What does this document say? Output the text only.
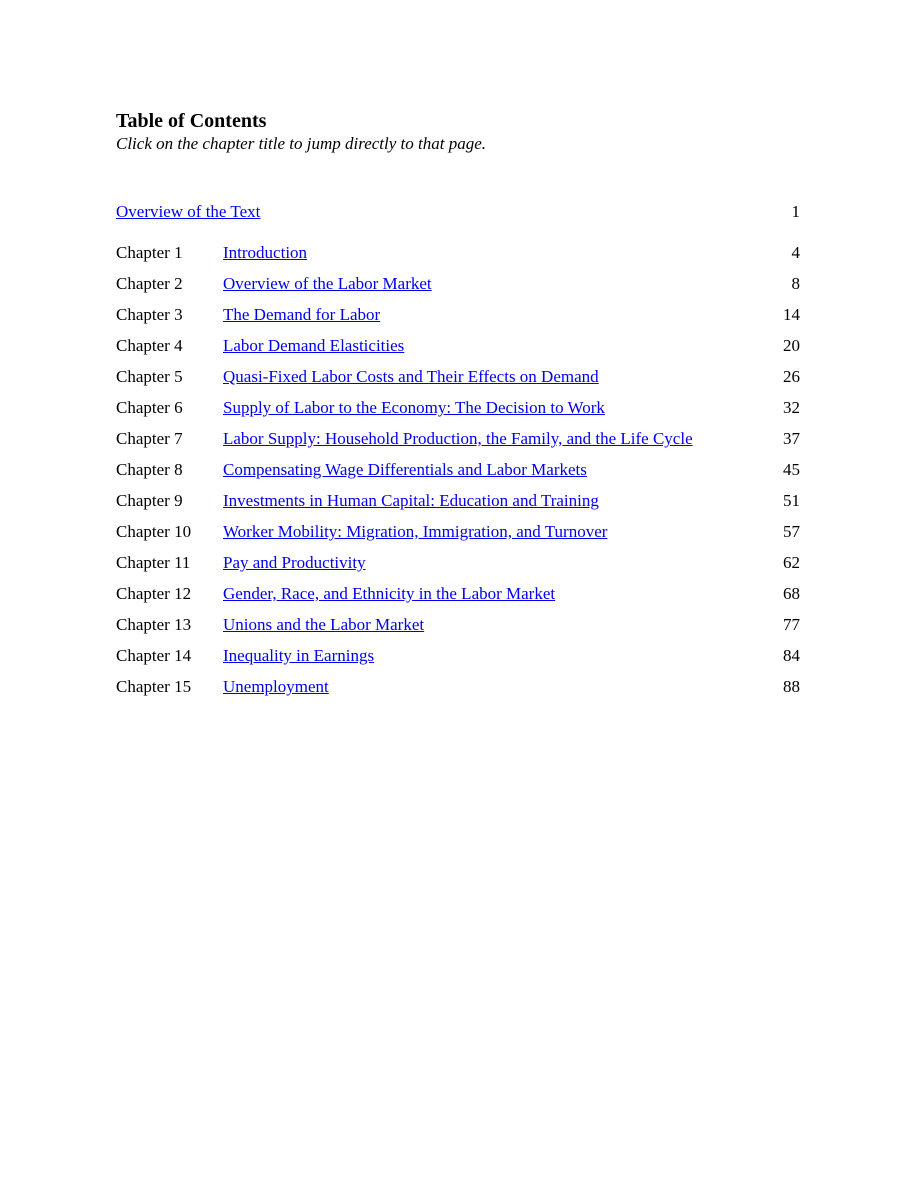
Table of Contents

Click on the chapter title to jump directly to that page.

Overview of the Text	1
Chapter 1	Introduction	4
Chapter 2	Overview of the Labor Market	8
Chapter 3	The Demand for Labor	14
Chapter 4	Labor Demand Elasticities	20
Chapter 5	Quasi-Fixed Labor Costs and Their Effects on Demand	26
Chapter 6	Supply of Labor to the Economy: The Decision to Work	32
Chapter 7	Labor Supply: Household Production, the Family, and the Life Cycle	37
Chapter 8	Compensating Wage Differentials and Labor Markets	45
Chapter 9	Investments in Human Capital: Education and Training	51
Chapter 10	Worker Mobility: Migration, Immigration, and Turnover	57
Chapter 11	Pay and Productivity	62
Chapter 12	Gender, Race, and Ethnicity in the Labor Market	68
Chapter 13	Unions and the Labor Market	77
Chapter 14	Inequality in Earnings	84
Chapter 15	Unemployment	88
